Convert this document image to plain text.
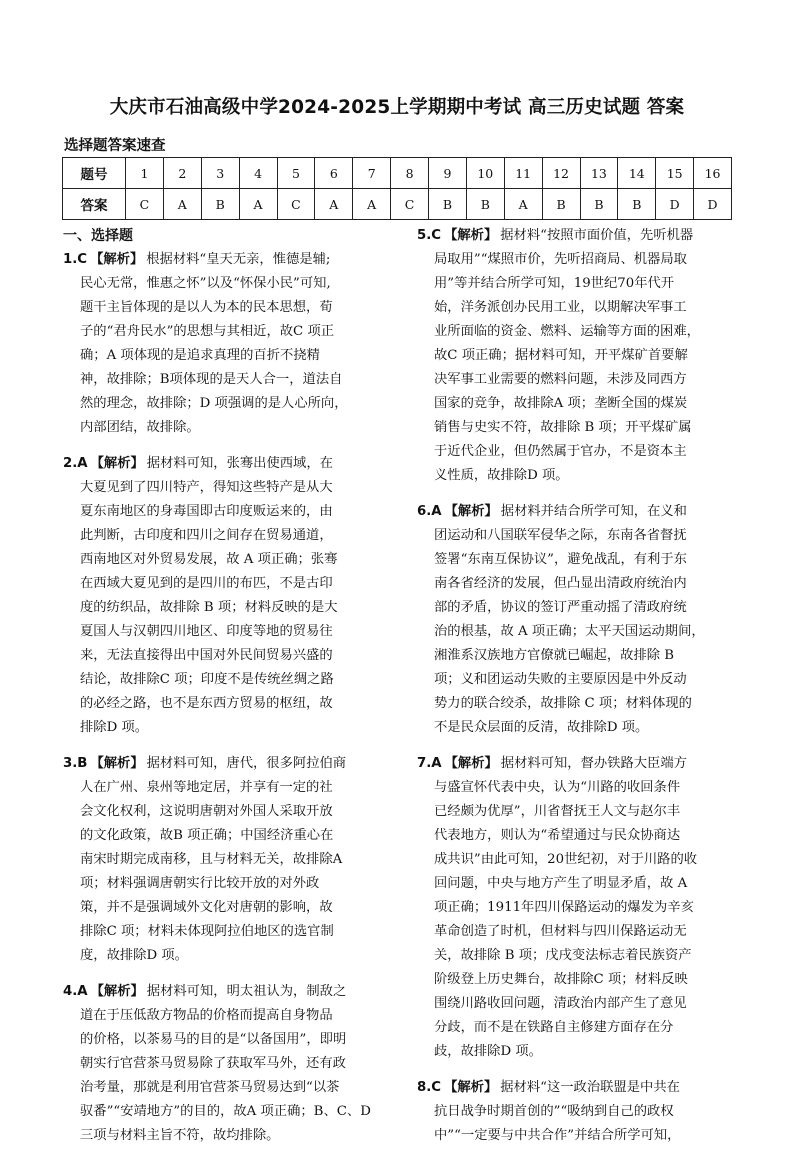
大庆市石油高级中学2024-2025上学期期中考试 高三历史试题 答案
选择题答案速查
题号	1	2	3	4	5	6	7	8	9	10	11	12	13	14	15	16
答案	C	A	B	A	C	A	A	C	B	B	A	B	B	B	D	D
一、选择题
1.C 【解析】 根据材料“皇天无亲，惟德是辅;
民心无常，惟惠之怀”以及“怀保小民”可知,
题干主旨体现的是以人为本的民本思想，荀
子的“君舟民水”的思想与其相近，故C 项正
确；A 项体现的是追求真理的百折不挠精
神，故排除；B项体现的是天人合一，道法自
然的理念，故排除；D 项强调的是人心所向，
内部团结，故排除。
2.A 【解析】 据材料可知，张骞出使西域，在
大夏见到了四川特产，得知这些特产是从大
夏东南地区的身毒国即古印度贩运来的，由
此判断，古印度和四川之间存在贸易通道，
西南地区对外贸易发展，故 A 项正确；张骞
在西域大夏见到的是四川的布匹，不是古印
度的纺织品，故排除 B 项；材料反映的是大
夏国人与汉朝四川地区、印度等地的贸易往
来，无法直接得出中国对外民间贸易兴盛的
结论，故排除C 项；印度不是传统丝绸之路
的必经之路，也不是东西方贸易的枢纽，故
排除D 项。
3.B 【解析】 据材料可知，唐代，很多阿拉伯商
人在广州、泉州等地定居，并享有一定的社
会文化权利，这说明唐朝对外国人采取开放
的文化政策，故B 项正确；中国经济重心在
南宋时期完成南移，且与材料无关，故排除A
项；材料强调唐朝实行比较开放的对外政
策，并不是强调域外文化对唐朝的影响，故
排除C 项；材料未体现阿拉伯地区的选官制
度，故排除D 项。
4.A 【解析】 据材料可知，明太祖认为，制敌之
道在于压低敌方物品的价格而提高自身物品
的价格，以茶易马的目的是“以备国用”，即明
朝实行官营茶马贸易除了获取军马外，还有政
治考量，那就是利用官营茶马贸易达到“以茶
驭番”“安靖地方”的目的，故A 项正确；B、C、D
三项与材料主旨不符，故均排除。
5.C 【解析】 据材料“按照市面价值，先听机器
局取用”“煤照市价，先听招商局、机器局取
用”等并结合所学可知，19世纪70年代开
始，洋务派创办民用工业，以期解决军事工
业所面临的资金、燃料、运输等方面的困难，
故C 项正确；据材料可知，开平煤矿首要解
决军事工业需要的燃料问题，未涉及同西方
国家的竞争，故排除A 项；垄断全国的煤炭
销售与史实不符，故排除 B 项；开平煤矿属
于近代企业，但仍然属于官办，不是资本主
义性质，故排除D 项。
6.A 【解析】 据材料并结合所学可知，在义和
团运动和八国联军侵华之际，东南各省督抚
签署“东南互保协议”，避免战乱，有利于东
南各省经济的发展，但凸显出清政府统治内
部的矛盾，协议的签订严重动摇了清政府统
治的根基，故 A 项正确；太平天国运动期间，
湘淮系汉族地方官僚就已崛起，故排除 B
项；义和团运动失败的主要原因是中外反动
势力的联合绞杀，故排除 C 项；材料体现的
不是民众层面的反清，故排除D 项。
7.A 【解析】 据材料可知，督办铁路大臣端方
与盛宣怀代表中央，认为“川路的收回条件
已经颇为优厚”，川省督抚王人文与赵尔丰
代表地方，则认为“希望通过与民众协商达
成共识”由此可知，20世纪初，对于川路的收
回问题，中央与地方产生了明显矛盾，故 A
项正确；1911年四川保路运动的爆发为辛亥
革命创造了时机，但材料与四川保路运动无
关，故排除 B 项；戊戌变法标志着民族资产
阶级登上历史舞台，故排除C 项；材料反映
围绕川路收回问题，清政治内部产生了意见
分歧，而不是在铁路自主修建方面存在分
歧，故排除D 项。
8.C 【解析】 据材料“这一政治联盟是中共在
抗日战争时期首创的”“吸纳到自己的政权
中”“一定要与中共合作”并结合所学可知，
